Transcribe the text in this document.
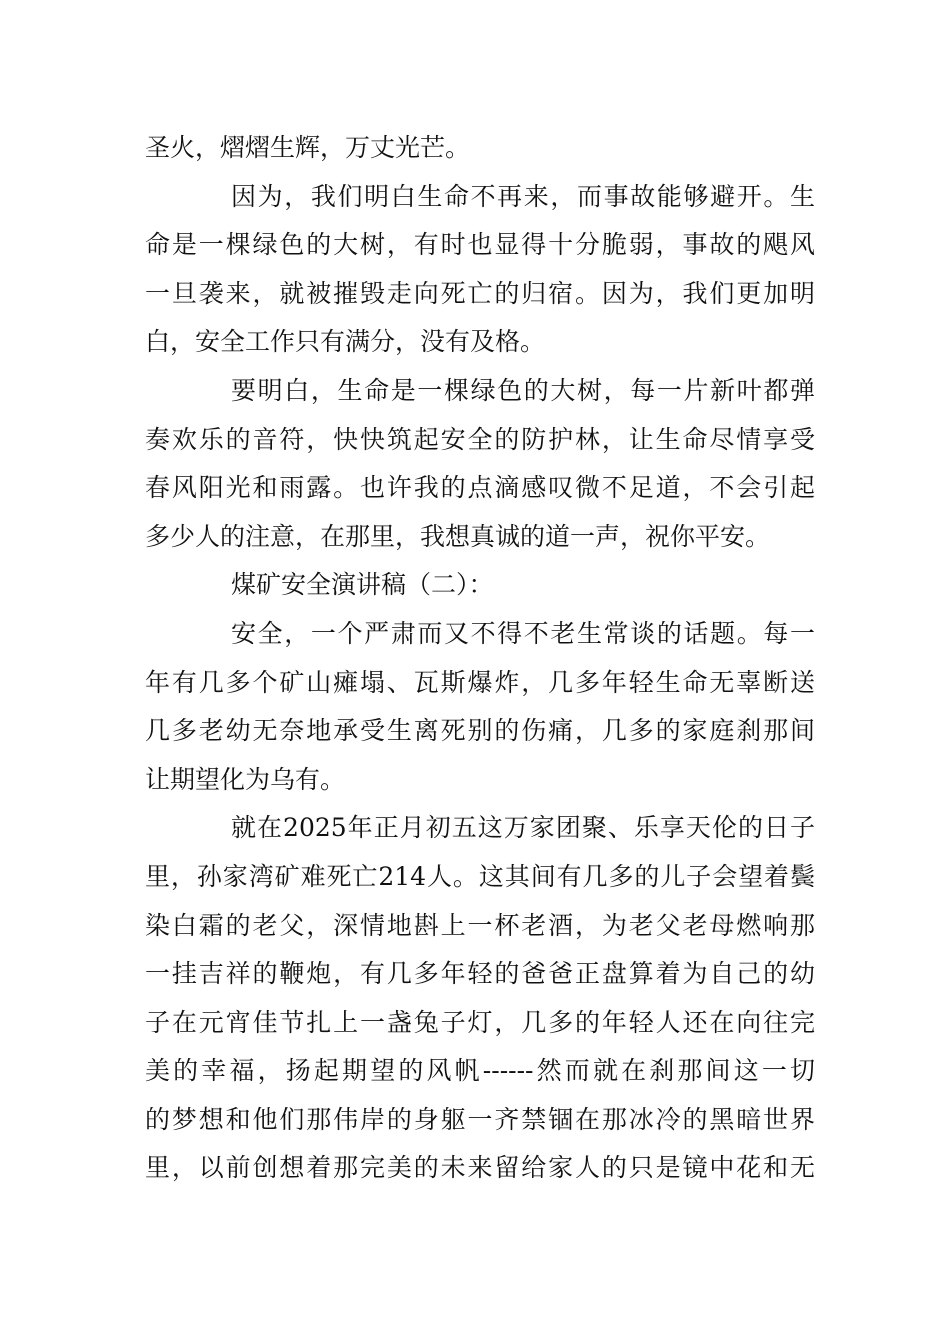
圣火，熠熠生辉，万丈光芒。
因为，我们明白生命不再来，而事故能够避开。生
命是一棵绿色的大树，有时也显得十分脆弱，事故的飓风
一旦袭来，就被摧毁走向死亡的归宿。因为，我们更加明
白，安全工作只有满分，没有及格。
要明白，生命是一棵绿色的大树，每一片新叶都弹
奏欢乐的音符，快快筑起安全的防护林，让生命尽情享受
春风阳光和雨露。也许我的点滴感叹微不足道，不会引起
多少人的注意，在那里，我想真诚的道一声，祝你平安。
煤矿安全演讲稿（二）：
安全，一个严肃而又不得不老生常谈的话题。每一
年有几多个矿山瘫塌、瓦斯爆炸，几多年轻生命无辜断送
几多老幼无奈地承受生离死别的伤痛，几多的家庭刹那间
让期望化为乌有。
就在2025年正月初五这万家团聚、乐享天伦的日子
里，孙家湾矿难死亡214人。这其间有几多的儿子会望着鬓
染白霜的老父，深情地斟上一杯老酒，为老父老母燃响那
一挂吉祥的鞭炮，有几多年轻的爸爸正盘算着为自己的幼
子在元宵佳节扎上一盏兔子灯，几多的年轻人还在向往完
美的幸福，扬起期望的风帆------然而就在刹那间这一切
的梦想和他们那伟岸的身躯一齐禁锢在那冰冷的黑暗世界
里，以前创想着那完美的未来留给家人的只是镜中花和无
